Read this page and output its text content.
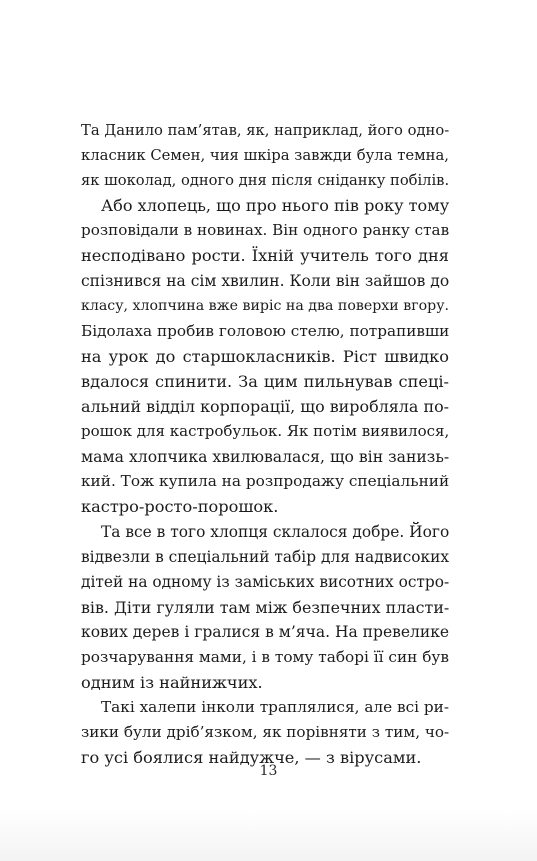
Та Данило пам’ятав, як, наприклад, його одно-
класник Семен, чия шкіра завжди була темна,
як шоколад, одного дня після сніданку побілів.

Або хлопець, що про нього пів року тому
розповідали в новинах. Він одного ранку став
несподівано рости. Їхній учитель того дня
спізнився на сім хвилин. Коли він зайшов до
класу, хлопчина вже виріс на два поверхи вгору.
Бідолаха пробив головою стелю, потрапивши
на урок до старшокласників. Ріст швидко
вдалося спинити. За цим пильнував спеці-
альний відділ корпорації, що виробляла по-
рошок для кастробульок. Як потім виявилося,
мама хлопчика хвилювалася, що він занизь-
кий. Тож купила на розпродажу спеціальний
кастро-росто-порошок.

Та все в того хлопця склалося добре. Його
відвезли в спеціальний табір для надвисоких
дітей на одному із заміських висотних остро-
вів. Діти гуляли там між безпечних пласти-
кових дерев і гралися в м’яча. На превелике
розчарування мами, і в тому таборі її син був
одним із найнижчих.

Такі халепи інколи траплялися, але всі ри-
зики були дріб’язком, як порівняти з тим, чо-
го усі боялися найдужче, — з вірусами.

13
